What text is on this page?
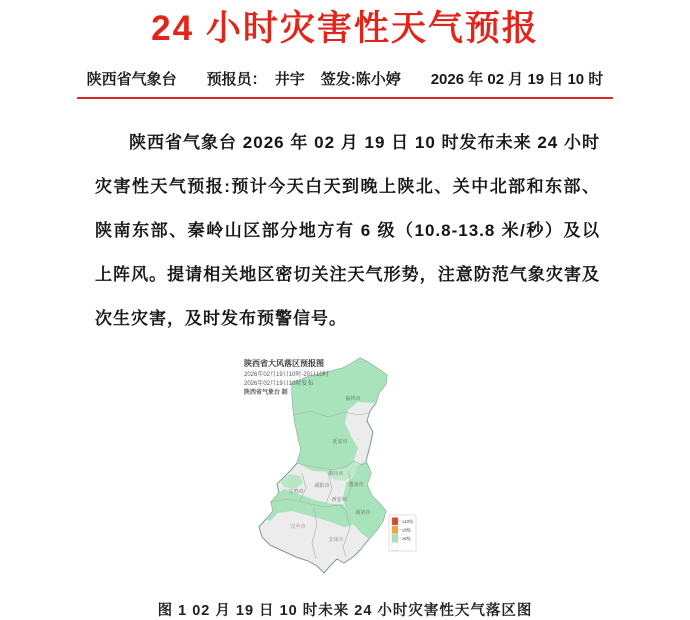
24 小时灾害性天气预报
陕西省气象台 预报员： 井宇 签发: 陈小婷 2026 年 02 月 19 日 10 时

陕西省气象台 2026 年 02 月 19 日 10 时发布未来 24 小时灾害性天气预报:预计今天白天到晚上陕北、关中北部和东部、陕南东部、秦岭山区部分地方有 6 级（10.8-13.8 米/秒）及以上阵风。提请相关地区密切关注天气形势，注意防范气象灾害及次生灾害，及时发布预警信号。

陕西省大风落区预报图
2026年02月19日10时-20日10时
2026年02月19日10时发布
陕西省气象台 制
榆林市
延安市
铜川市
咸阳市	渭南市
宝鸡市
西安市
商洛市
汉中市
安康市
≥10级
≥8级
≥6级
图 1 02 月 19 日 10 时未来 24 小时灾害性天气落区图
